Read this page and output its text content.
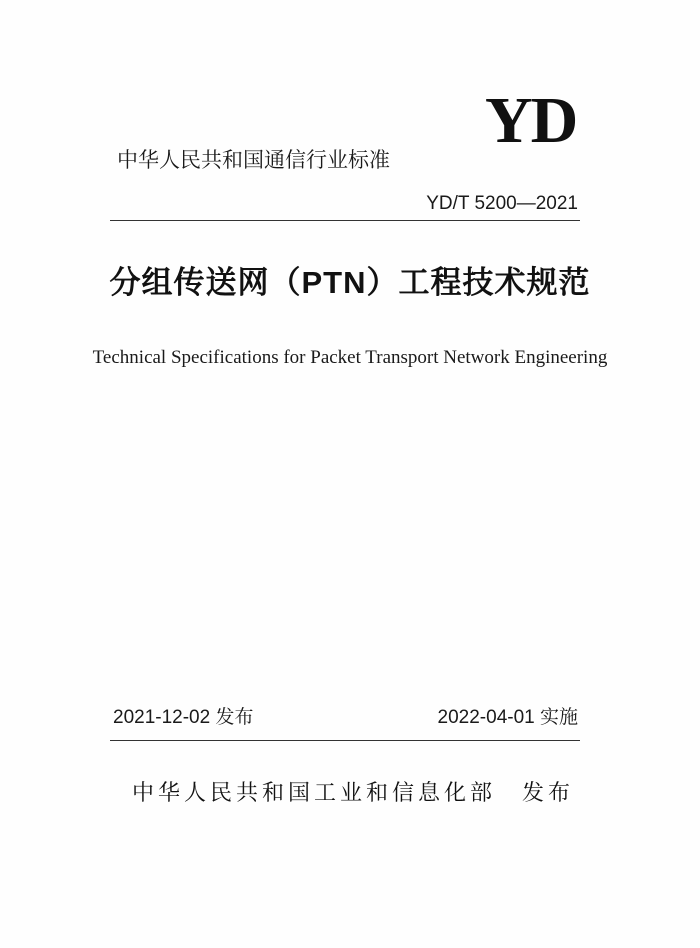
YD
中华人民共和国通信行业标准
YD/T 5200—2021
分组传送网（PTN）工程技术规范
Technical Specifications for Packet Transport Network Engineering
2021-12-02 发布	2022-04-01 实施
中华人民共和国工业和信息化部　发布
